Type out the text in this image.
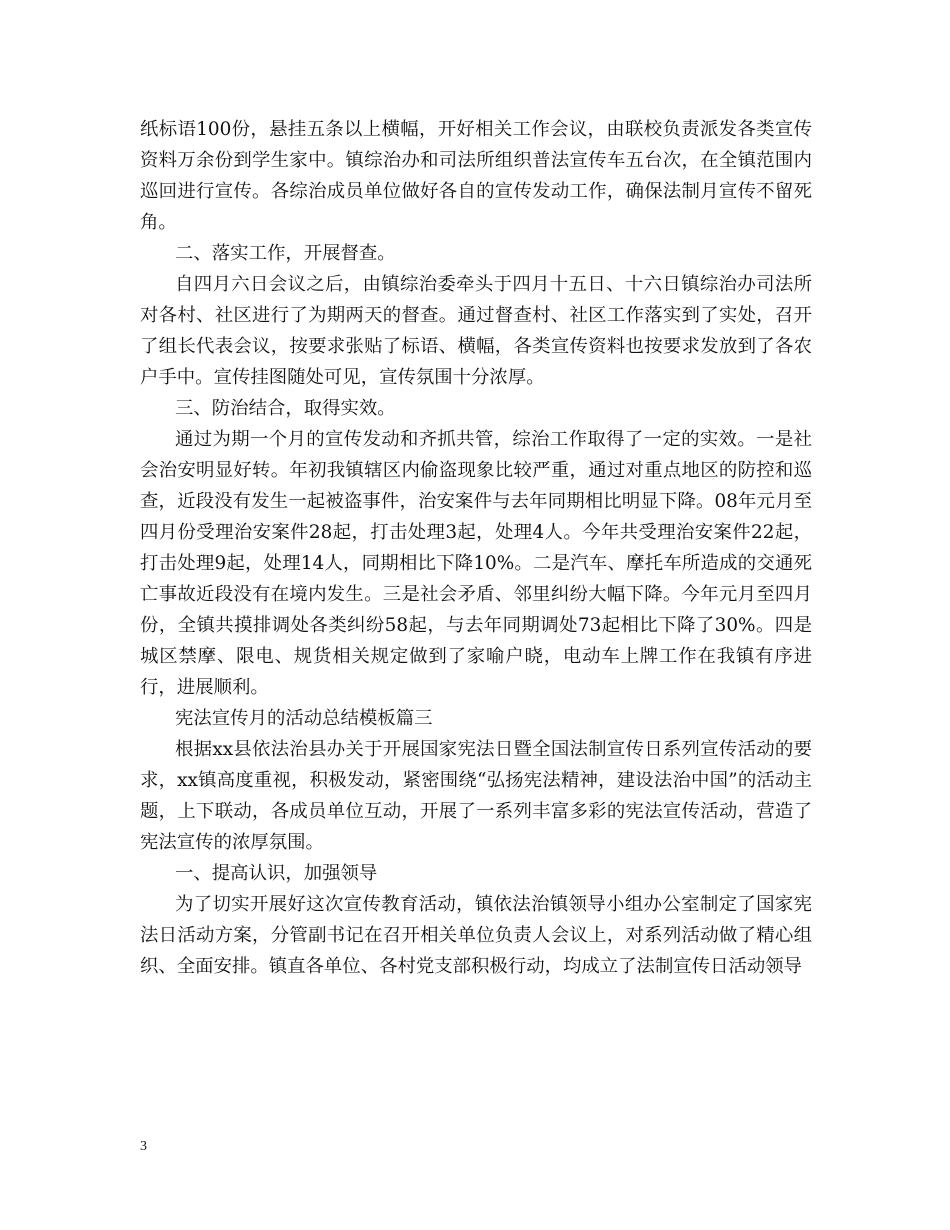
纸标语100份，悬挂五条以上横幅，开好相关工作会议，由联校负责派发各类宣传资料万余份到学生家中。镇综治办和司法所组织普法宣传车五台次，在全镇范围内巡回进行宣传。各综治成员单位做好各自的宣传发动工作，确保法制月宣传不留死角。

二、落实工作，开展督查。

自四月六日会议之后，由镇综治委牵头于四月十五日、十六日镇综治办司法所对各村、社区进行了为期两天的督查。通过督查村、社区工作落实到了实处，召开了组长代表会议，按要求张贴了标语、横幅，各类宣传资料也按要求发放到了各农户手中。宣传挂图随处可见，宣传氛围十分浓厚。

三、防治结合，取得实效。

通过为期一个月的宣传发动和齐抓共管，综治工作取得了一定的实效。一是社会治安明显好转。年初我镇辖区内偷盗现象比较严重，通过对重点地区的防控和巡查，近段没有发生一起被盗事件，治安案件与去年同期相比明显下降。08年元月至四月份受理治安案件28起，打击处理3起，处理4人。今年共受理治安案件22起，打击处理9起，处理14人，同期相比下降10%。二是汽车、摩托车所造成的交通死亡事故近段没有在境内发生。三是社会矛盾、邻里纠纷大幅下降。今年元月至四月份，全镇共摸排调处各类纠纷58起，与去年同期调处73起相比下降了30%。四是城区禁摩、限电、规货相关规定做到了家喻户晓，电动车上牌工作在我镇有序进行，进展顺利。

宪法宣传月的活动总结模板篇三

根据xx县依法治县办关于开展国家宪法日暨全国法制宣传日系列宣传活动的要求，xx镇高度重视，积极发动，紧密围绕“弘扬宪法精神，建设法治中国”的活动主题，上下联动，各成员单位互动，开展了一系列丰富多彩的宪法宣传活动，营造了宪法宣传的浓厚氛围。

一、提高认识，加强领导

为了切实开展好这次宣传教育活动，镇依法治镇领导小组办公室制定了国家宪法日活动方案，分管副书记在召开相关单位负责人会议上，对系列活动做了精心组织、全面安排。镇直各单位、各村党支部积极行动，均成立了法制宣传日活动领导

3
